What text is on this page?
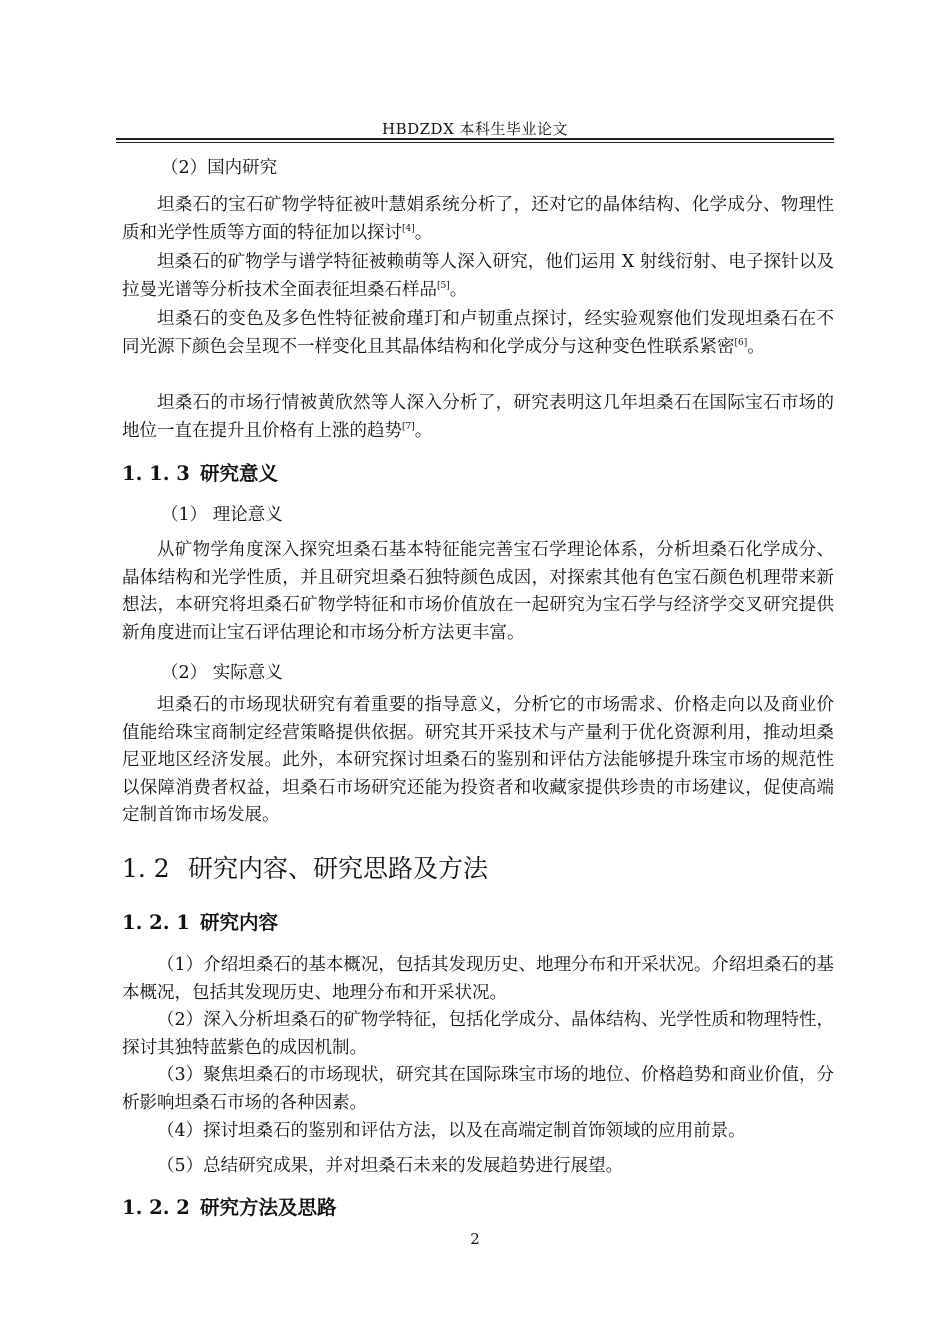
HBDZDX 本科生毕业论文
（2）国内研究
坦桑石的宝石矿物学特征被叶慧娟系统分析了，还对它的晶体结构、化学成分、物理性质和光学性质等方面的特征加以探讨[4]。
坦桑石的矿物学与谱学特征被赖萌等人深入研究，他们运用 X 射线衍射、电子探针以及拉曼光谱等分析技术全面表征坦桑石样品[5]。
坦桑石的变色及多色性特征被俞瑾玎和卢韧重点探讨，经实验观察他们发现坦桑石在不同光源下颜色会呈现不一样变化且其晶体结构和化学成分与这种变色性联系紧密[6]。
坦桑石的市场行情被黄欣然等人深入分析了，研究表明这几年坦桑石在国际宝石市场的地位一直在提升且价格有上涨的趋势[7]。
1. 1. 3 研究意义
（1） 理论意义
从矿物学角度深入探究坦桑石基本特征能完善宝石学理论体系，分析坦桑石化学成分、晶体结构和光学性质，并且研究坦桑石独特颜色成因，对探索其他有色宝石颜色机理带来新想法，本研究将坦桑石矿物学特征和市场价值放在一起研究为宝石学与经济学交叉研究提供新角度进而让宝石评估理论和市场分析方法更丰富。
（2） 实际意义
坦桑石的市场现状研究有着重要的指导意义，分析它的市场需求、价格走向以及商业价值能给珠宝商制定经营策略提供依据。研究其开采技术与产量利于优化资源利用，推动坦桑尼亚地区经济发展。此外，本研究探讨坦桑石的鉴别和评估方法能够提升珠宝市场的规范性以保障消费者权益，坦桑石市场研究还能为投资者和收藏家提供珍贵的市场建议，促使高端定制首饰市场发展。
1. 2 研究内容、研究思路及方法
1. 2. 1 研究内容
（1）介绍坦桑石的基本概况，包括其发现历史、地理分布和开采状况。介绍坦桑石的基本概况，包括其发现历史、地理分布和开采状况。
（2）深入分析坦桑石的矿物学特征，包括化学成分、晶体结构、光学性质和物理特性，探讨其独特蓝紫色的成因机制。
（3）聚焦坦桑石的市场现状，研究其在国际珠宝市场的地位、价格趋势和商业价值，分析影响坦桑石市场的各种因素。
（4）探讨坦桑石的鉴别和评估方法，以及在高端定制首饰领域的应用前景。
（5）总结研究成果，并对坦桑石未来的发展趋势进行展望。
1. 2. 2 研究方法及思路
2
